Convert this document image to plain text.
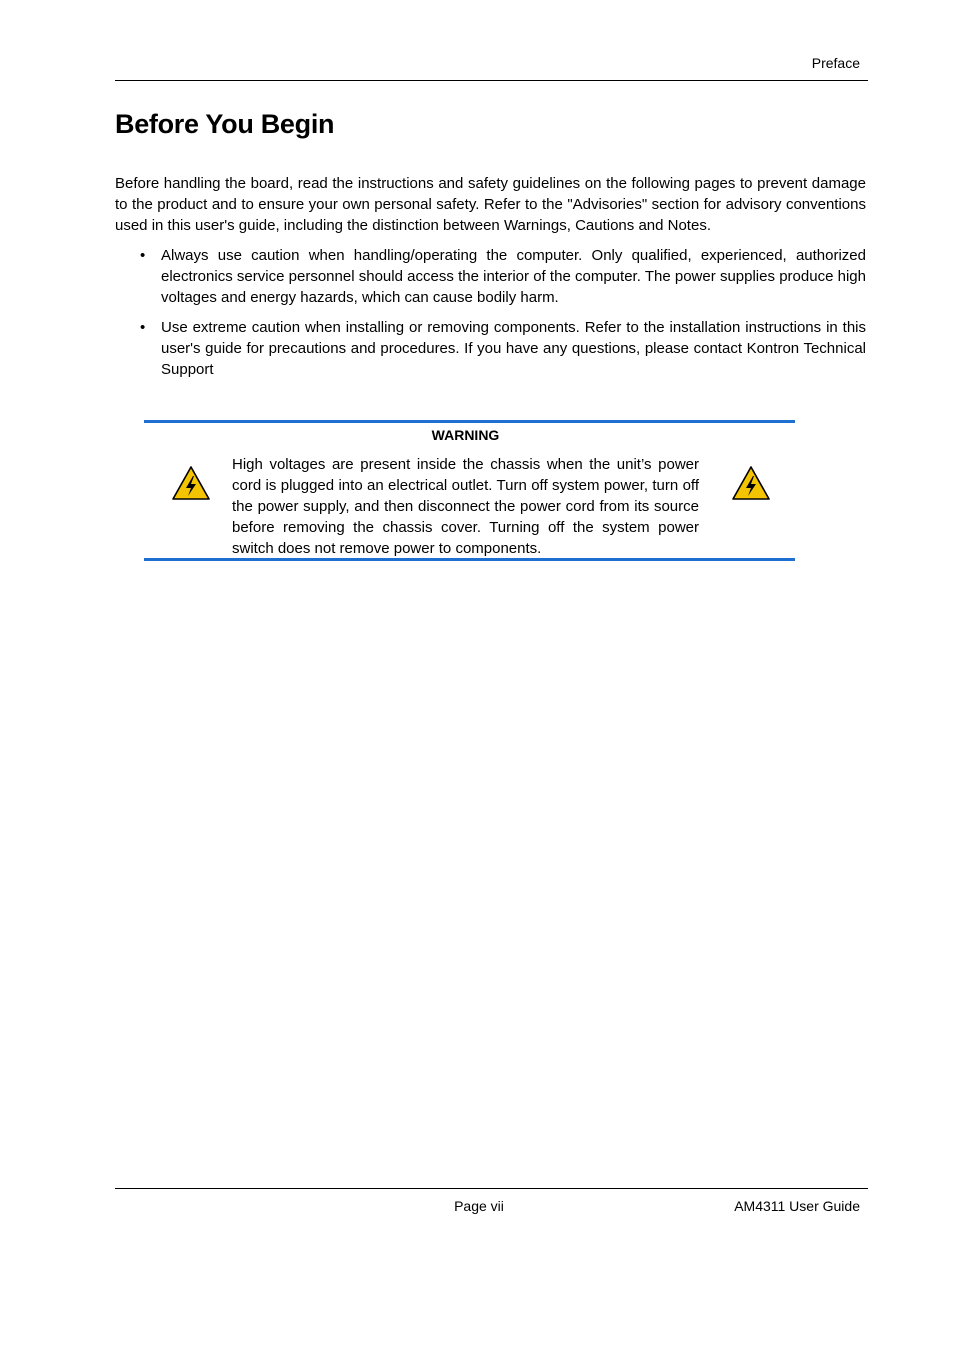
Preface
Before You Begin

Before handling the board, read the instructions and safety guidelines on the following pages to prevent damage to the product and to ensure your own personal safety. Refer to the "Advisories" section for advisory conventions used in this user's guide, including the distinction between Warnings, Cautions and Notes.

• Always use caution when handling/operating the computer. Only qualified, experienced, authorized electronics service personnel should access the interior of the computer. The power supplies produce high voltages and energy hazards, which can cause bodily harm.
• Use extreme caution when installing or removing components. Refer to the installation instructions in this user's guide for precautions and procedures. If you have any questions, please contact Kontron Technical Support
WARNING
High voltages are present inside the chassis when the unit’s power cord is plugged into an electrical outlet. Turn off system power, turn off the power supply, and then disconnect the power cord from its source before removing the chassis cover. Turning off the system power switch does not remove power to components.
Page vii	AM4311 User Guide
